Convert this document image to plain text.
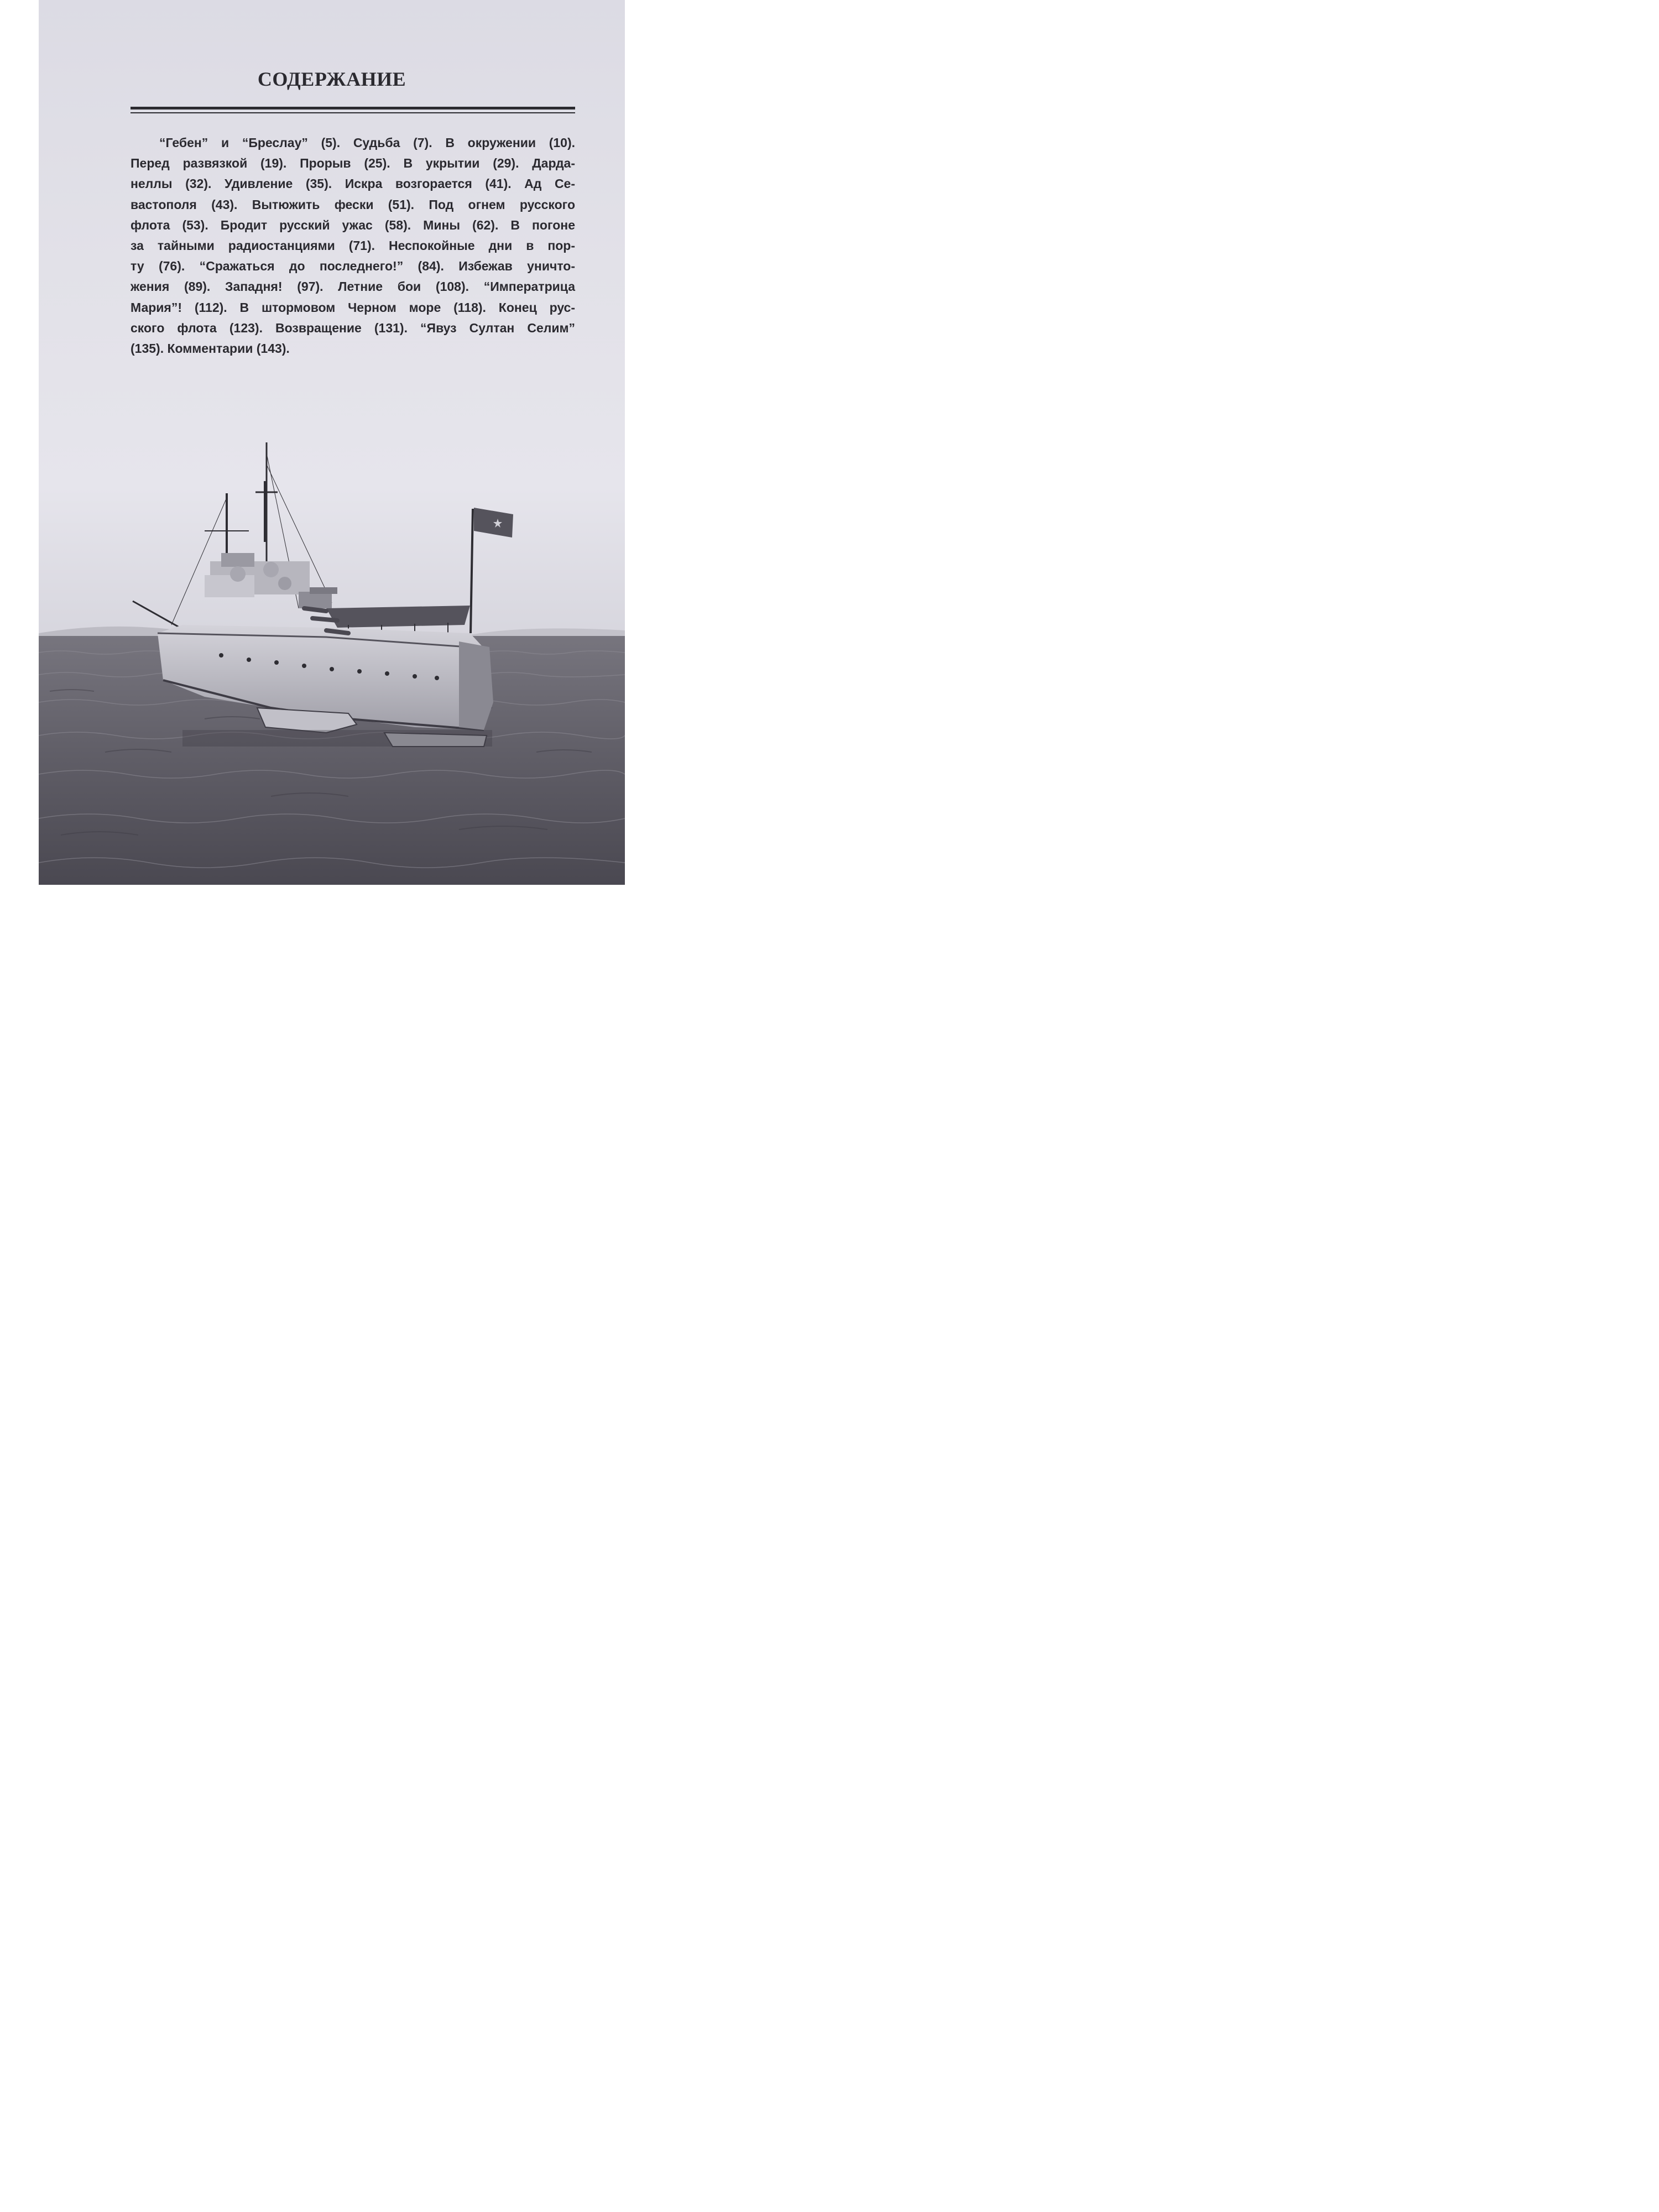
СОДЕРЖАНИЕ
“Гебен” и “Бреслау” (5). Судьба (7). В окружении (10).
Перед развязкой (19). Прорыв (25). В укрытии (29). Дарда-
неллы (32). Удивление (35). Искра возгорается (41). Ад Се-
вастополя (43). Вытюжить фески (51). Под огнем русского
флота (53). Бродит русский ужас (58). Мины (62). В погоне
за тайными радиостанциями (71). Неспокойные дни в пор-
ту (76). “Сражаться до последнего!” (84). Избежав уничто-
жения (89). Западня! (97). Летние бои (108). “Императрица
Мария”! (112). В штормовом Черном море (118). Конец рус-
ского флота (123). Возвращение (131). “Явуз Султан Селим”
(135). Комментарии (143).
